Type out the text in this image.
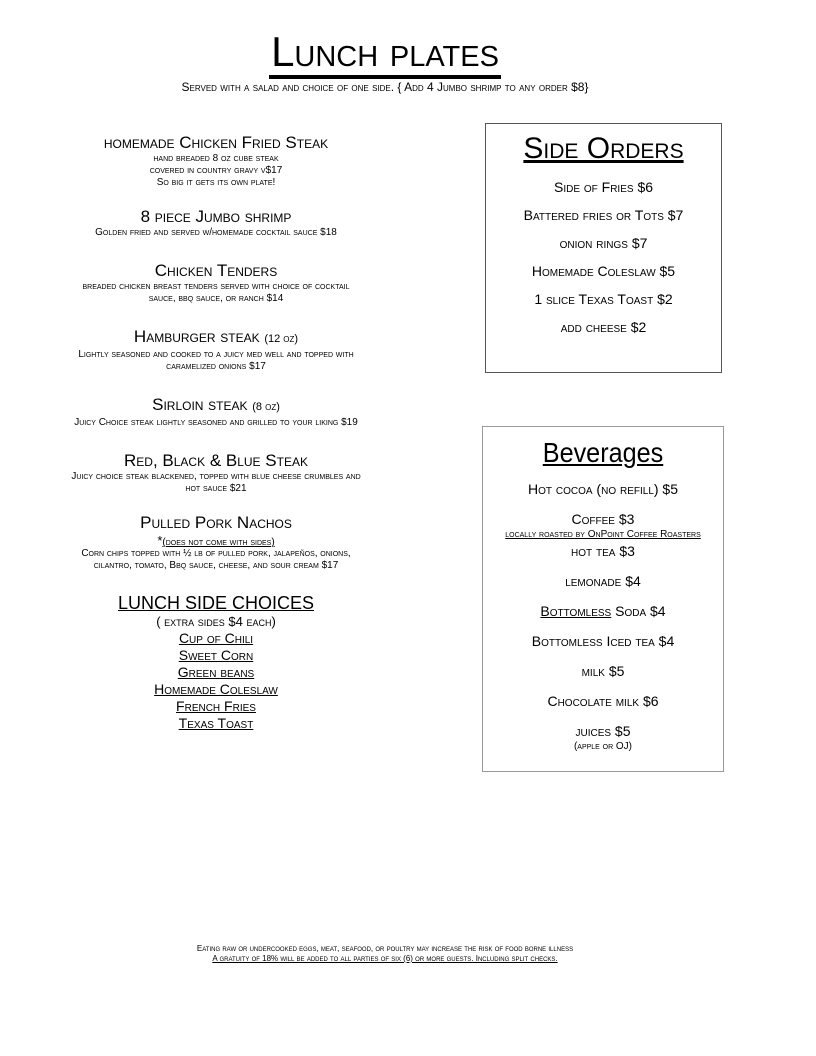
Lunch plates
Served with a salad and choice of one side. { Add 4 Jumbo shrimp to any order $8}
homemade Chicken Fried Steak
hand breaded 8 oz cube steak
covered in country gravy v$17
So big it gets its own plate!
8 piece Jumbo shrimp
Golden fried and served w/homemade cocktail sauce $18
Chicken Tenders
breaded chicken breast tenders served with choice of cocktail sauce, bbq sauce, or ranch $14
Hamburger steak (12 oz)
Lightly seasoned and cooked to a juicy med well and topped with caramelized onions $17
Sirloin steak (8 oz)
Juicy Choice steak lightly seasoned and grilled to your liking $19
Red, Black & Blue Steak
Juicy choice steak blackened, topped with blue cheese crumbles and hot sauce $21
Pulled Pork Nachos
*(does not come with sides)
Corn chips topped with ½ lb of pulled pork, jalapeños, onions, cilantro, tomato, Bbq sauce, cheese, and sour cream $17
LUNCH SIDE CHOICES
( extra sides $4 each)
Cup of Chili
Sweet Corn
Green beans
Homemade Coleslaw
French Fries
Texas Toast
Side Orders
Side of Fries $6
Battered fries or Tots $7
onion rings $7
Homemade Coleslaw $5
1 slice Texas Toast $2
add cheese $2
Beverages
Hot cocoa (no refill) $5
Coffee $3
locally roasted by OnPoint Coffee Roasters
hot tea $3
lemonade $4
Bottomless Soda $4
Bottomless Iced tea $4
milk $5
Chocolate milk $6
juices $5
(apple or OJ)
Eating raw or undercooked eggs, meat, seafood, or poultry may increase the risk of food borne illness
A gratuity of 18% will be added to all parties of six (6) or more guests. Including split checks.
